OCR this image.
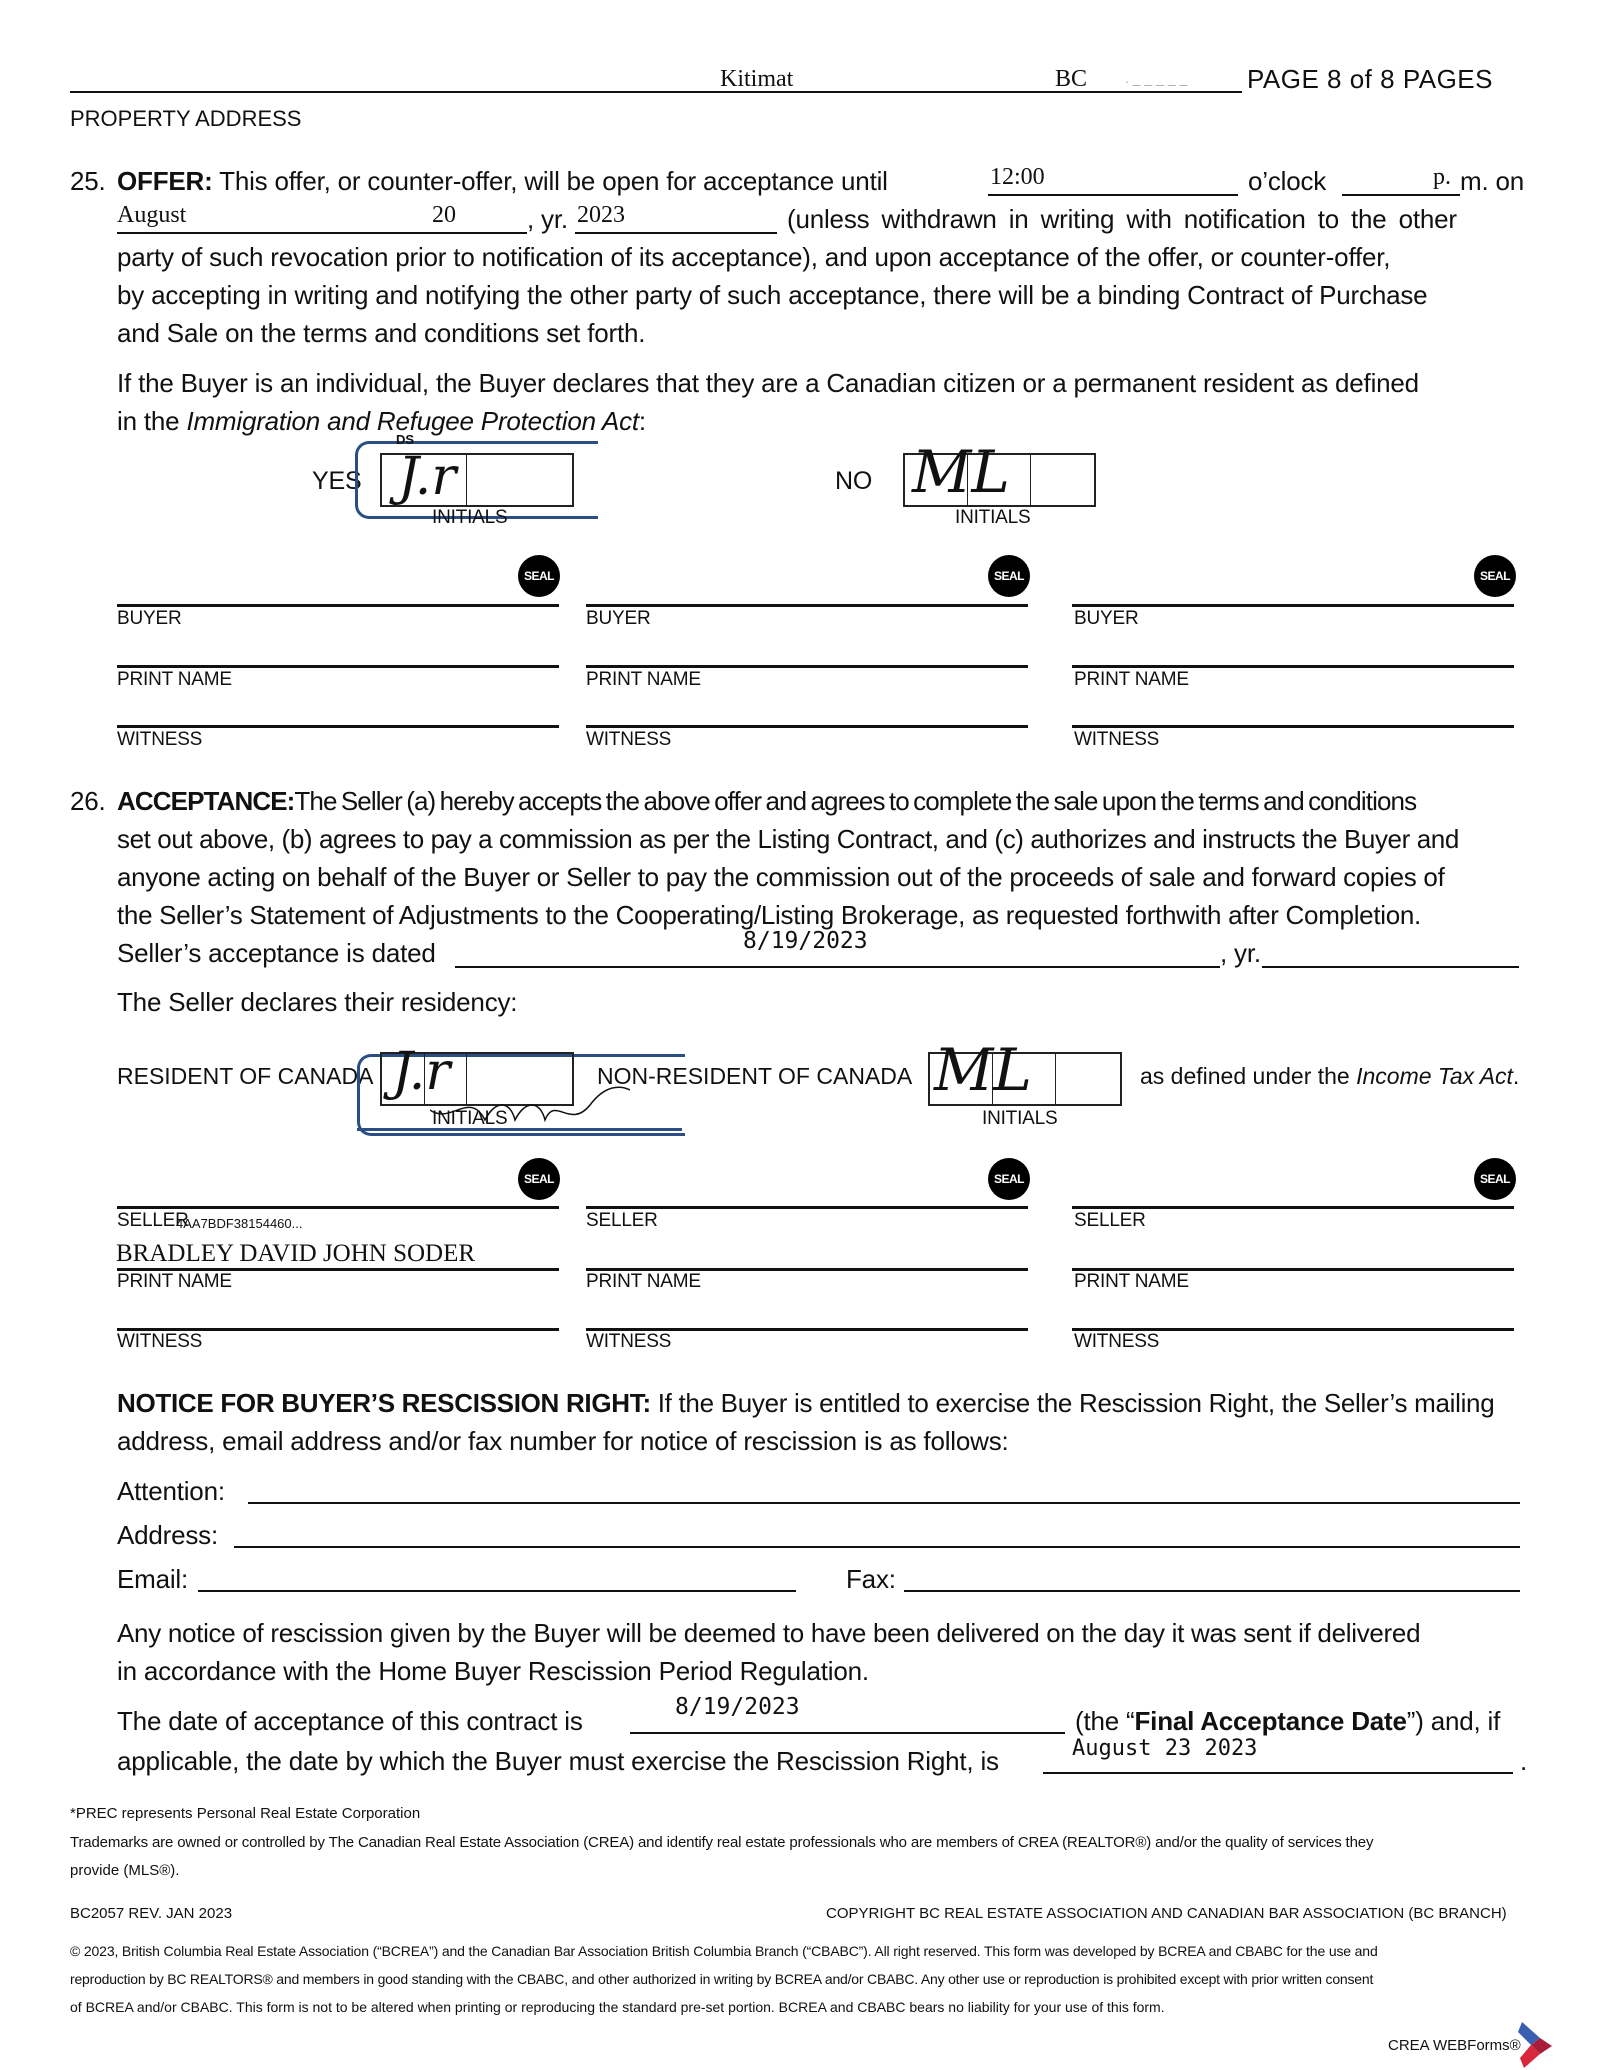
Kitimat	BC	. _ _ _ _ _ PAGE 8 of 8 PAGES
PROPERTY ADDRESS
25. OFFER: This offer, or counter-offer, will be open for acceptance until	12:00	o’clock	p. m. on
August	20	, yr. 2023	(unless withdrawn in writing with notification to the other
party of such revocation prior to notification of its acceptance), and upon acceptance of the offer, or counter-offer,
by accepting in writing and notifying the other party of such acceptance, there will be a binding Contract of Purchase
and Sale on the terms and conditions set forth.
If the Buyer is an individual, the Buyer declares that they are a Canadian citizen or a permanent resident as defined
in the Immigration and Refugee Protection Act:
YES
DS
J.r
INITIALS
NO ML
INITIALS
SEAL
BUYER
PRINT NAME
WITNESS
SEAL
BUYER
PRINT NAME
WITNESS
SEAL
BUYER
PRINT NAME
WITNESS
26. ACCEPTANCE:The Seller (a) hereby accepts the above offer and agrees to complete the sale upon the terms and conditions
set out above, (b) agrees to pay a commission as per the Listing Contract, and (c) authorizes and instructs the Buyer and
anyone acting on behalf of the Buyer or Seller to pay the commission out of the proceeds of sale and forward copies of
the Seller’s Statement of Adjustments to the Cooperating/Listing Brokerage, as requested forthwith after Completion.
Seller’s acceptance is dated	8/19/2023	, yr.
The Seller declares their residency:
RESIDENT OF CANADA J.r
INITIALS
NON-RESIDENT OF CANADA ML
INITIALS
as defined under the Income Tax Act.
SEAL
SELLER
4AA7BDF38154460...
BRADLEY DAVID JOHN SODER
PRINT NAME
WITNESS
SEAL
SELLER
PRINT NAME
WITNESS
SEAL
SELLER
PRINT NAME
WITNESS
NOTICE FOR BUYER’S RESCISSION RIGHT: If the Buyer is entitled to exercise the Rescission Right, the Seller’s mailing
address, email address and/or fax number for notice of rescission is as follows:
Attention:
Address:
Email:	Fax:
Any notice of rescission given by the Buyer will be deemed to have been delivered on the day it was sent if delivered
in accordance with the Home Buyer Rescission Period Regulation.
The date of acceptance of this contract is	8/19/2023	(the “Final Acceptance Date”) and, if
applicable, the date by which the Buyer must exercise the Rescission Right, is	August 23 2023	.
*PREC represents Personal Real Estate Corporation
Trademarks are owned or controlled by The Canadian Real Estate Association (CREA) and identify real estate professionals who are members of CREA (REALTOR®) and/or the quality of services they
provide (MLS®).
BC2057 REV. JAN 2023	COPYRIGHT BC REAL ESTATE ASSOCIATION AND CANADIAN BAR ASSOCIATION (BC BRANCH)
© 2023, British Columbia Real Estate Association (“BCREA”) and the Canadian Bar Association British Columbia Branch (“CBABC”). All right reserved. This form was developed by BCREA and CBABC for the use and
reproduction by BC REALTORS® and members in good standing with the CBABC, and other authorized in writing by BCREA and/or CBABC. Any other use or reproduction is prohibited except with prior written consent
of BCREA and/or CBABC. This form is not to be altered when printing or reproducing the standard pre-set portion. BCREA and CBABC bears no liability for your use of this form.
CREA WEBForms®
